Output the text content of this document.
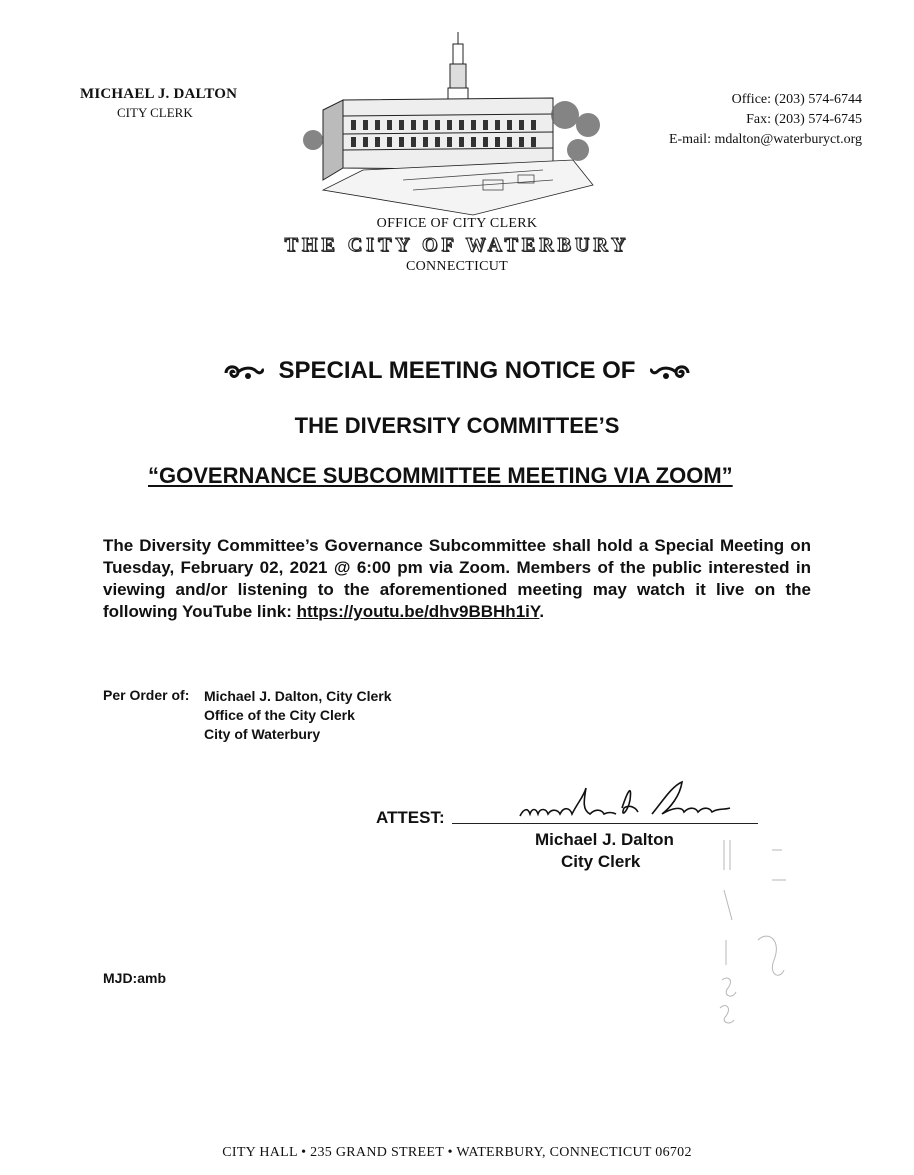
MICHAEL J. DALTON
CITY CLERK
Office: (203) 574-6744
Fax: (203) 574-6745
E-mail: mdalton@waterburyct.org
OFFICE OF CITY CLERK
THE CITY OF WATERBURY
CONNECTICUT
SPECIAL MEETING NOTICE OF
THE DIVERSITY COMMITTEE’S
“GOVERNANCE SUBCOMMITTEE MEETING VIA ZOOM”
The Diversity Committee’s Governance Subcommittee shall hold a Special Meeting on Tuesday, February 02, 2021 @ 6:00 pm via Zoom. Members of the public interested in viewing and/or listening to the aforementioned meeting may watch it live on the following YouTube link: https://youtu.be/dhv9BBHh1iY.
Per Order of: Michael J. Dalton, City Clerk
Office of the City Clerk
City of Waterbury
ATTEST:
Michael J. Dalton
City Clerk
MJD:amb
CITY HALL • 235 GRAND STREET • WATERBURY, CONNECTICUT 06702
